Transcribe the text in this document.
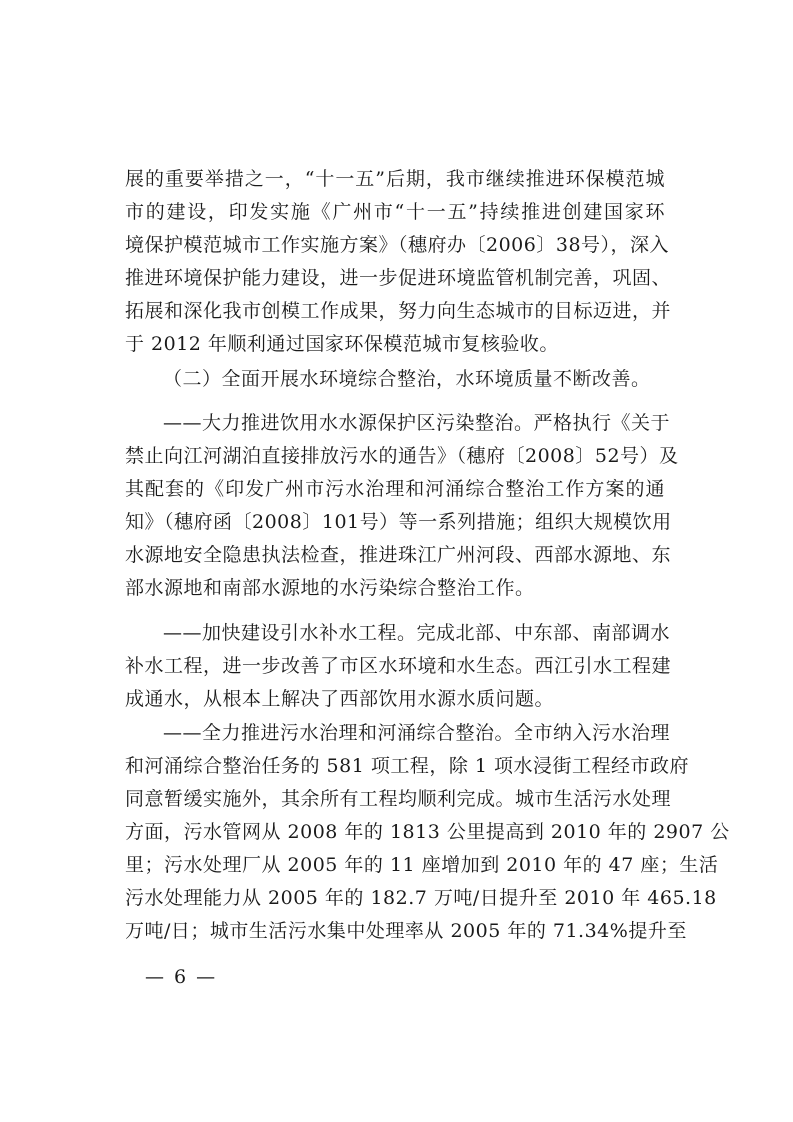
展的重要举措之一，“十一五”后期，我市继续推进环保模范城
市的建设，印发实施《广州市“十一五”持续推进创建国家环
境保护模范城市工作实施方案》（穗府办〔2006〕38号），深入
推进环境保护能力建设，进一步促进环境监管机制完善，巩固、
拓展和深化我市创模工作成果，努力向生态城市的目标迈进，并
于 2012 年顺利通过国家环保模范城市复核验收。
（二）全面开展水环境综合整治，水环境质量不断改善。
——大力推进饮用水水源保护区污染整治。严格执行《关于
禁止向江河湖泊直接排放污水的通告》（穗府〔2008〕52号）及
其配套的《印发广州市污水治理和河涌综合整治工作方案的通
知》（穗府函〔2008〕101号）等一系列措施；组织大规模饮用
水源地安全隐患执法检查，推进珠江广州河段、西部水源地、东
部水源地和南部水源地的水污染综合整治工作。
——加快建设引水补水工程。完成北部、中东部、南部调水
补水工程，进一步改善了市区水环境和水生态。西江引水工程建
成通水，从根本上解决了西部饮用水源水质问题。
——全力推进污水治理和河涌综合整治。全市纳入污水治理
和河涌综合整治任务的 581 项工程，除 1 项水浸街工程经市政府
同意暂缓实施外，其余所有工程均顺利完成。城市生活污水处理
方面，污水管网从 2008 年的 1813 公里提高到 2010 年的 2907 公
里；污水处理厂从 2005 年的 11 座增加到 2010 年的 47 座；生活
污水处理能力从 2005 年的 182.7 万吨/日提升至 2010 年 465.18
万吨/日；城市生活污水集中处理率从 2005 年的 71.34%提升至
— 6 —
